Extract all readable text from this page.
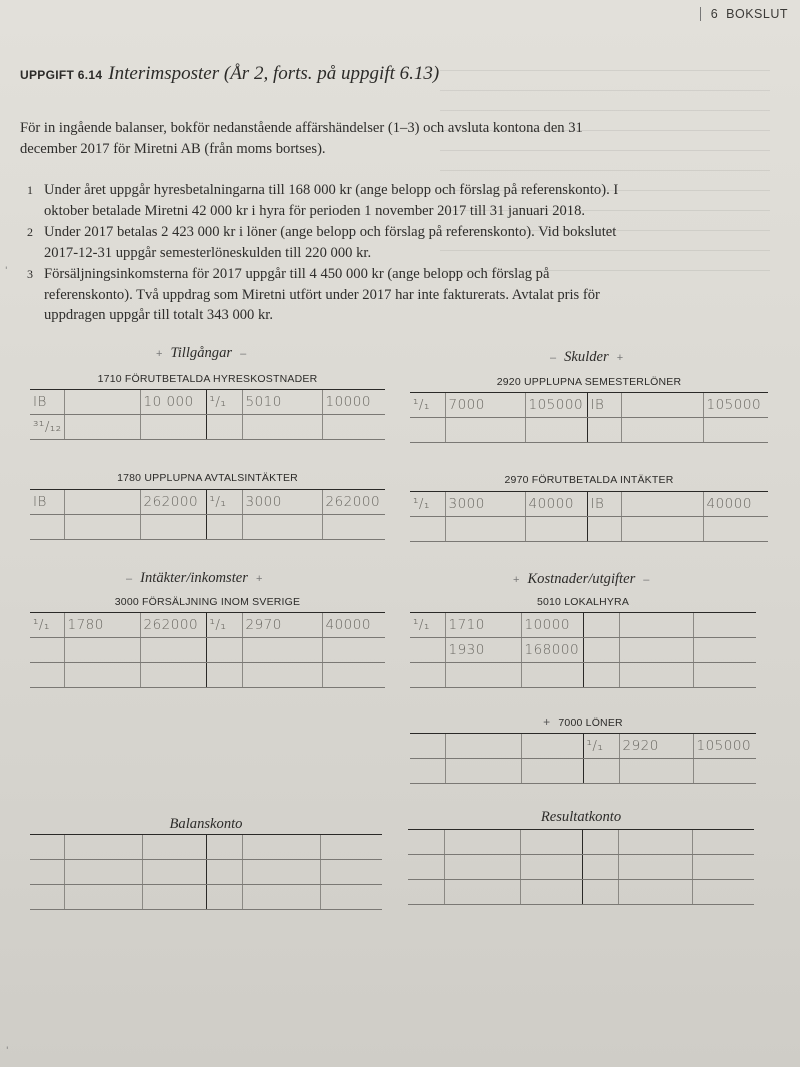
6 BOKSLUT
UPPGIFT 6.14 Interimsposter (År 2, forts. på uppgift 6.13)
För in ingående balanser, bokför nedanstående affärshändelser (1–3) och avsluta kontona den 31 december 2017 för Miretni AB (från moms bortses).
1 Under året uppgår hyresbetalningarna till 168 000 kr (ange belopp och förslag på referenskonto). I oktober betalade Miretni 42 000 kr i hyra för perioden 1 november 2017 till 31 januari 2018.
2 Under 2017 betalas 2 423 000 kr i löner (ange belopp och förslag på referenskonto). Vid bokslutet 2017-12-31 uppgår semesterlöneskulden till 220 000 kr.
3 Försäljningsinkomsterna för 2017 uppgår till 4 450 000 kr (ange belopp och förslag på referenskonto). Två uppdrag som Miretni utfört under 2017 har inte fakturerats. Avtalat pris för uppdragen uppgår till totalt 343 000 kr.
'
+ Tillgångar –	– Skulder +
– Intäkter/inkomster +	+ Kostnader/utgifter –
1710 FÖRUTBETALDA HYRESKOSTNADER
IB		10 000	¹/₁	5010	10000
³¹/₁₂					
2920 UPPLUPNA SEMESTERLÖNER
¹/₁	7000	105000	IB		105000

1780 UPPLUPNA AVTALSINTÄKTER
IB		262000	¹/₁	3000	262000

2970 FÖRUTBETALDA INTÄKTER
¹/₁	3000	40000	IB		40000

3000 FÖRSÄLJNING INOM SVERIGE
¹/₁	1780	262000	¹/₁	2970	40000

5010 LOKALHYRA
¹/₁	1710	10000			
	1930	168000			

+ 7000 LÖNER
			¹/₁	2920	105000

Balanskonto

						Resultatkonto

'
